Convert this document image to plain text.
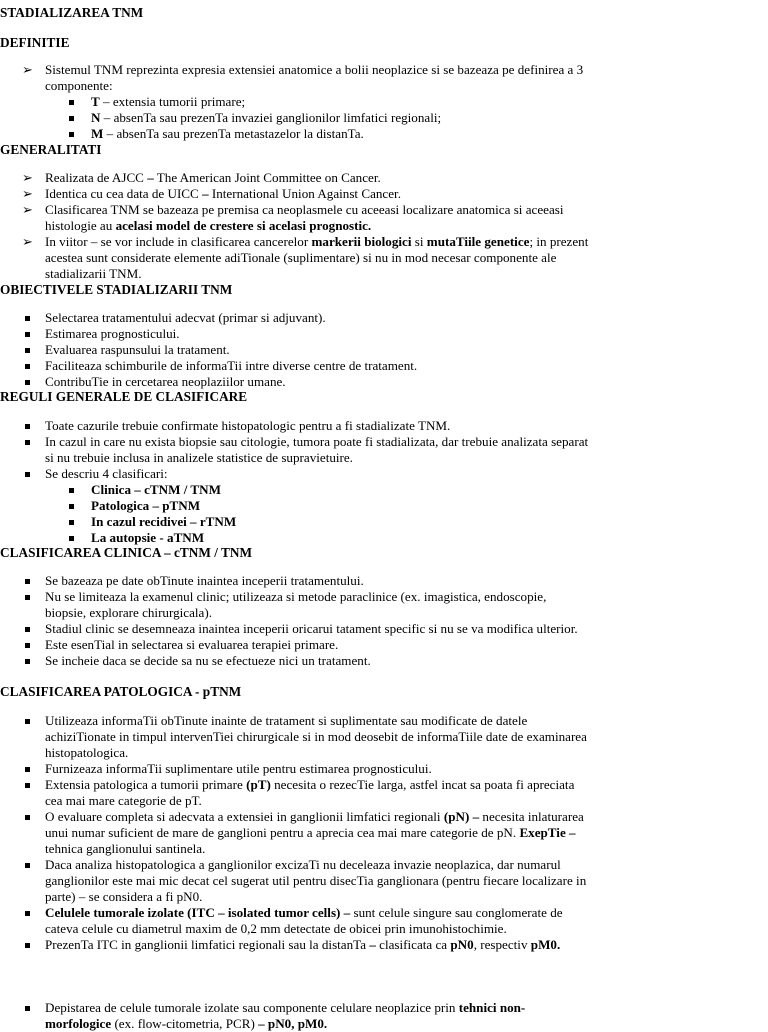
STADIALIZAREA TNM
DEFINITIE
➢ Sistemul TNM reprezinta expresia extensiei anatomice a bolii neoplazice si se bazeaza pe definirea a 3 componente:
T – extensia tumorii primare;
N – absenTa sau prezenTa invaziei ganglionilor limfatici regionali;
M – absenTa sau prezenTa metastazelor la distanTa.
GENERALITATI
➢ Realizata de AJCC – The American Joint Committee on Cancer.
➢ Identica cu cea data de UICC – International Union Against Cancer.
➢ Clasificarea TNM se bazeaza pe premisa ca neoplasmele cu aceeasi localizare anatomica si aceeasi histologie au acelasi model de crestere si acelasi prognostic.
➢ In viitor – se vor include in clasificarea cancerelor markerii biologici si mutaTiile genetice; in prezent acestea sunt considerate elemente adiTionale (suplimentare) si nu in mod necesar componente ale stadializarii TNM.
OBIECTIVELE STADIALIZARII TNM
Selectarea tratamentului adecvat (primar si adjuvant).
Estimarea prognosticului.
Evaluarea raspunsului la tratament.
Faciliteaza schimburile de informaTii intre diverse centre de tratament.
ContribuTie in cercetarea neoplaziilor umane.
REGULI GENERALE DE CLASIFICARE
Toate cazurile trebuie confirmate histopatologic pentru a fi stadializate TNM.
In cazul in care nu exista biopsie sau citologie, tumora poate fi stadializata, dar trebuie analizata separat si nu trebuie inclusa in analizele statistice de supravietuire.
Se descriu 4 clasificari:
Clinica – cTNM / TNM
Patologica – pTNM
In cazul recidivei – rTNM
La autopsie - aTNM
CLASIFICAREA CLINICA – cTNM / TNM
Se bazeaza pe date obTinute inaintea inceperii tratamentului.
Nu se limiteaza la examenul clinic; utilizeaza si metode paraclinice (ex. imagistica, endoscopie, biopsie, explorare chirurgicala).
Stadiul clinic se desemneaza inaintea inceperii oricarui tatament specific si nu se va modifica ulterior.
Este esenTial in selectarea si evaluarea terapiei primare.
Se incheie daca se decide sa nu se efectueze nici un tratament.
CLASIFICAREA PATOLOGICA - pTNM
Utilizeaza informaTii obTinute inainte de tratament si suplimentate sau modificate de datele achiziTionate in timpul intervenTiei chirurgicale si in mod deosebit de informaTiile date de examinarea histopatologica.
Furnizeaza informaTii suplimentare utile pentru estimarea prognosticului.
Extensia patologica a tumorii primare (pT) necesita o rezecTie larga, astfel incat sa poata fi apreciata cea mai mare categorie de pT.
O evaluare completa si adecvata a extensiei in ganglionii limfatici regionali (pN) – necesita inlaturarea unui numar suficient de mare de ganglioni pentru a aprecia cea mai mare categorie de pN. ExepTie – tehnica ganglionului santinela.
Daca analiza histopatologica a ganglionilor excizaTi nu deceleaza invazie neoplazica, dar numarul ganglionilor este mai mic decat cel sugerat util pentru disecTia ganglionara (pentru fiecare localizare in parte) – se considera a fi pN0.
Celulele tumorale izolate (ITC – isolated tumor cells) – sunt celule singure sau conglomerate de cateva celule cu diametrul maxim de 0,2 mm detectate de obicei prin imunohistochimie.
PrezenTa ITC in ganglionii limfatici regionali sau la distanTa – clasificata ca pN0, respectiv pM0.
Depistarea de celule tumorale izolate sau componente celulare neoplazice prin tehnici non-morfologice (ex. flow-citometria, PCR) – pN0, pM0.
